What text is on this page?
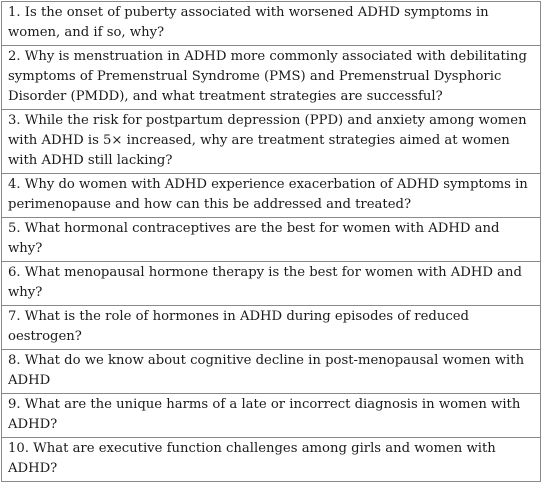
1. Is the onset of puberty associated with worsened ADHD symptoms in women, and if so, why?
2. Why is menstruation in ADHD more commonly associated with debilitating symptoms of Premenstrual Syndrome (PMS) and Premenstrual Dysphoric Disorder (PMDD), and what treatment strategies are successful?
3. While the risk for postpartum depression (PPD) and anxiety among women with ADHD is 5× increased, why are treatment strategies aimed at women with ADHD still lacking?
4. Why do women with ADHD experience exacerbation of ADHD symptoms in perimenopause and how can this be addressed and treated?
5. What hormonal contraceptives are the best for women with ADHD and why?
6. What menopausal hormone therapy is the best for women with ADHD and why?
7. What is the role of hormones in ADHD during episodes of reduced oestrogen?
8. What do we know about cognitive decline in post-menopausal women with ADHD
9. What are the unique harms of a late or incorrect diagnosis in women with ADHD?
10. What are executive function challenges among girls and women with ADHD?
